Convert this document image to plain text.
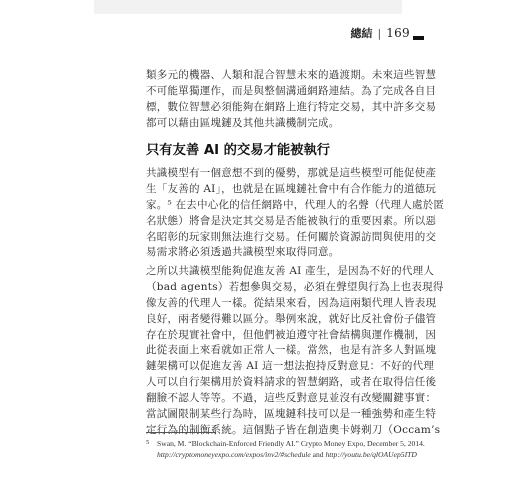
總結 | 169
類多元的機器、人類和混合智慧未來的過渡期。未來這些智慧
不可能單獨運作，而是與整個溝通網路連結。為了完成各自目
標，數位智慧必須能夠在網路上進行特定交易，其中許多交易
都可以藉由區塊鏈及其他共識機制完成。
只有友善 AI 的交易才能被執行
共識模型有一個意想不到的優勢，那就是這些模型可能促使產
生「友善的 AI」，也就是在區塊鏈社會中有合作能力的道德玩
家。⁵ 在去中心化的信任網路中，代理人的名聲（代理人處於匿
名狀態）將會是決定其交易是否能被執行的重要因素。所以惡
名昭彰的玩家則無法進行交易。任何關於資源訪問與使用的交
易需求將必須透過共識模型來取得同意。
之所以共識模型能夠促進友善 AI 產生，是因為不好的代理人
（bad agents）若想參與交易，必須在聲望與行為上也表現得
像友善的代理人一樣。從結果來看，因為這兩類代理人皆表現
良好，兩者變得難以區分。舉例來說，就好比反社會份子儘管
存在於現實社會中，但他們被迫遵守社會結構與運作機制，因
此從表面上來看就如正常人一樣。當然，也是有許多人對區塊
鏈架構可以促進友善 AI 這一想法抱持反對意見：不好的代理
人可以自行架構用於資料請求的智慧網路，或者在取得信任後
翻臉不認人等等。不過，這些反對意見並沒有改變關鍵事實：
當試圖限制某些行為時，區塊鏈科技可以是一種強勢和產生特
定行為的制衡系統。這個點子皆在創造奧卡姆剃刀（Occam’s
5 Swan, M. “Blockchain-Enforced Friendly AI.” Crypto Money Expo, December 5, 2014.
http://cryptomoneyexpo.com/expos/inv2/#schedule and http://youtu.be/qlOAUep5ITD
